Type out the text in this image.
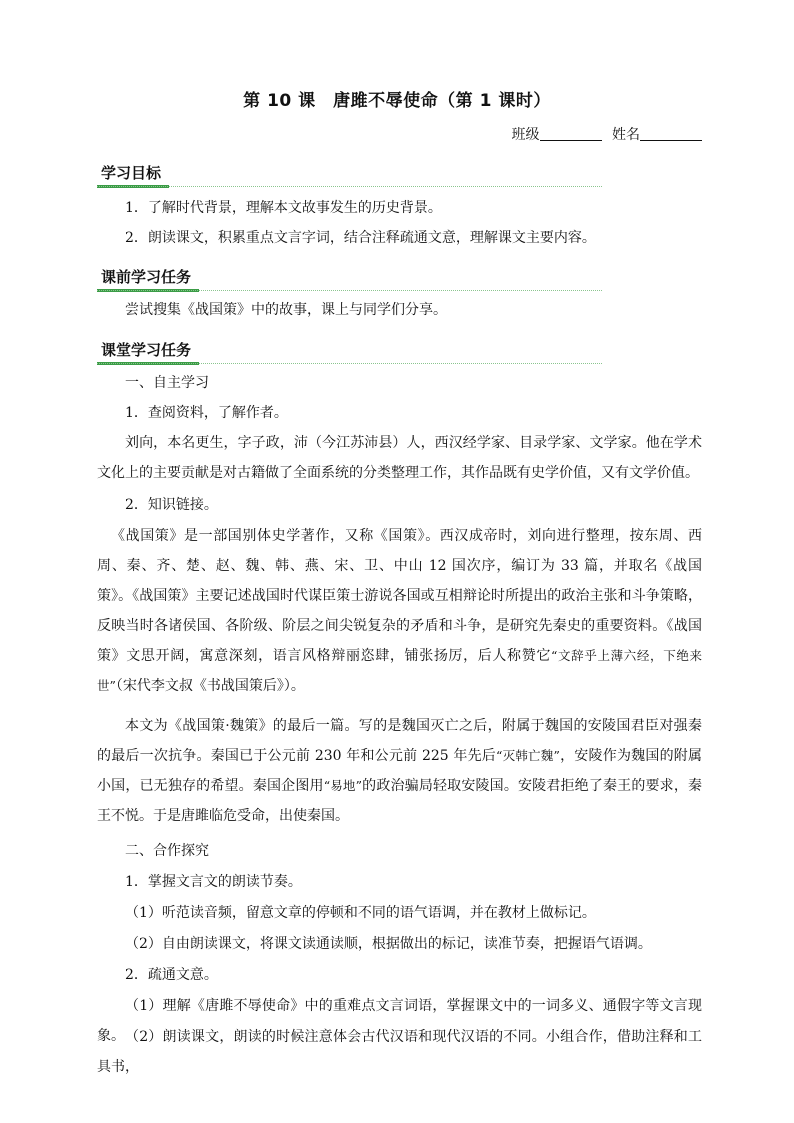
第 10 课　唐雎不辱使命（第 1 课时）
班级	姓名
学习目标
1．了解时代背景，理解本文故事发生的历史背景。
2．朗读课文，积累重点文言字词，结合注释疏通文意，理解课文主要内容。
课前学习任务
尝试搜集《战国策》中的故事，课上与同学们分享。
课堂学习任务
一、自主学习
1．查阅资料，了解作者。
刘向，本名更生，字子政，沛（今江苏沛县）人，西汉经学家、目录学家、文学家。他在学术文化上的主要贡献是对古籍做了全面系统的分类整理工作，其作品既有史学价值，又有文学价值。
2．知识链接。
《战国策》是一部国别体史学著作，又称《国策》。西汉成帝时，刘向进行整理，按东周、西周、秦、齐、楚、赵、魏、韩、燕、宋、卫、中山 12 国次序，编订为 33 篇，并取名《战国策》。《战国策》主要记述战国时代谋臣策士游说各国或互相辩论时所提出的政治主张和斗争策略，反映当时各诸侯国、各阶级、阶层之间尖锐复杂的矛盾和斗争，是研究先秦史的重要资料。《战国策》文思开阔，寓意深刻，语言风格辩丽恣肆，铺张扬厉，后人称赞它“文辞乎上薄六经，下绝来世”（宋代李文叔《书战国策后》）。
本文为《战国策·魏策》的最后一篇。写的是魏国灭亡之后，附属于魏国的安陵国君臣对强秦的最后一次抗争。秦国已于公元前 230 年和公元前 225 年先后“灭韩亡魏”，安陵作为魏国的附属小国，已无独存的希望。秦国企图用“易地”的政治骗局轻取安陵国。安陵君拒绝了秦王的要求，秦王不悦。于是唐雎临危受命，出使秦国。
二、合作探究
1．掌握文言文的朗读节奏。
（1）听范读音频，留意文章的停顿和不同的语气语调，并在教材上做标记。
（2）自由朗读课文，将课文读通读顺，根据做出的标记，读准节奏，把握语气语调。
2．疏通文意。
（1）理解《唐雎不辱使命》中的重难点文言词语，掌握课文中的一词多义、通假字等文言现象。 （2）朗读课文，朗读的时候注意体会古代汉语和现代汉语的不同。小组合作，借助注释和工具书，
